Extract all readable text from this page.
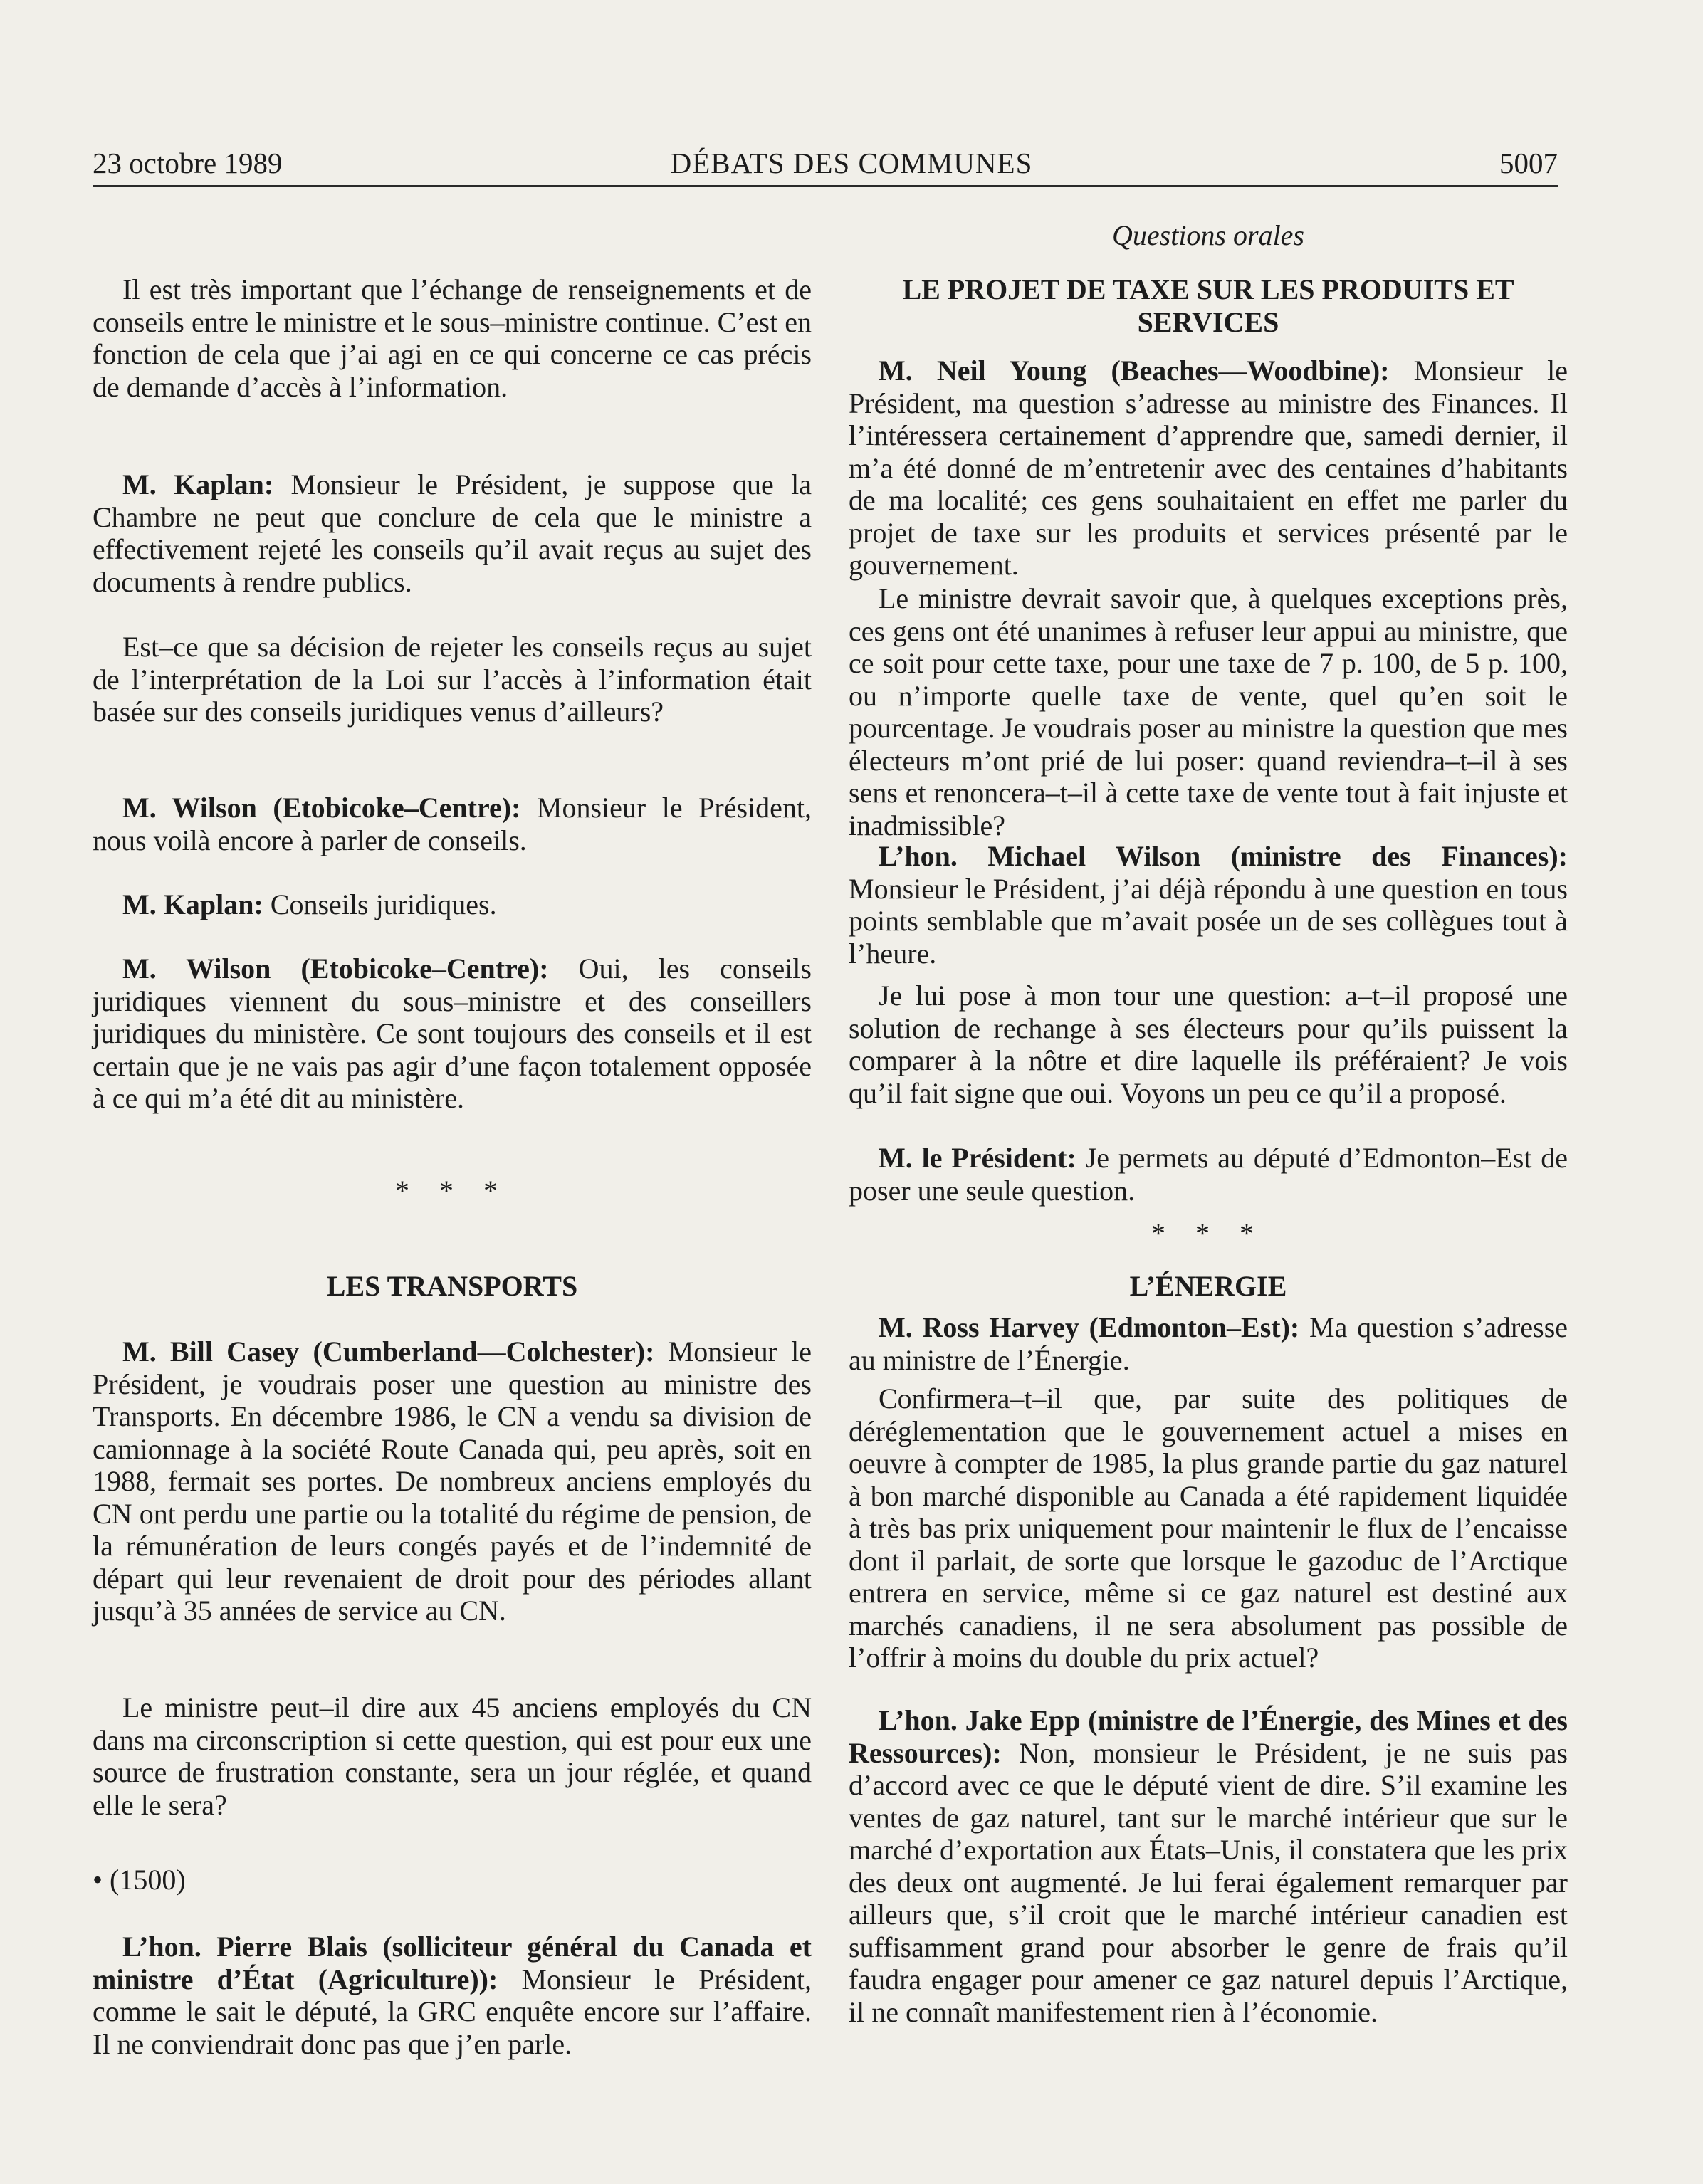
23 octobre 1989	DÉBATS DES COMMUNES	5007

Il est très important que l’échange de renseignements et de conseils entre le ministre et le sous–ministre continue. C’est en fonction de cela que j’ai agi en ce qui concerne ce cas précis de demande d’accès à l’information.

M. Kaplan: Monsieur le Président, je suppose que la Chambre ne peut que conclure de cela que le ministre a effectivement rejeté les conseils qu’il avait reçus au sujet des documents à rendre publics.

Est–ce que sa décision de rejeter les conseils reçus au sujet de l’interprétation de la Loi sur l’accès à l’information était basée sur des conseils juridiques venus d’ailleurs?

M. Wilson (Etobicoke–Centre): Monsieur le Président, nous voilà encore à parler de conseils.

M. Kaplan: Conseils juridiques.

M. Wilson (Etobicoke–Centre): Oui, les conseils juridiques viennent du sous–ministre et des conseillers juridiques du ministère. Ce sont toujours des conseils et il est certain que je ne vais pas agir d’une façon totalement opposée à ce qui m’a été dit au ministère.

* * *
LES TRANSPORTS

M. Bill Casey (Cumberland—Colchester): Monsieur le Président, je voudrais poser une question au ministre des Transports. En décembre 1986, le CN a vendu sa division de camionnage à la société Route Canada qui, peu après, soit en 1988, fermait ses portes. De nombreux anciens employés du CN ont perdu une partie ou la totalité du régime de pension, de la rémunération de leurs congés payés et de l’indemnité de départ qui leur revenaient de droit pour des périodes allant jusqu’à 35 années de service au CN.

Le ministre peut–il dire aux 45 anciens employés du CN dans ma circonscription si cette question, qui est pour eux une source de frustration constante, sera un jour réglée, et quand elle le sera?

• (1500)

L’hon. Pierre Blais (solliciteur général du Canada et ministre d’État (Agriculture)): Monsieur le Président, comme le sait le député, la GRC enquête encore sur l’affaire. Il ne conviendrait donc pas que j’en parle.

Questions orales
LE PROJET DE TAXE SUR LES PRODUITS ET SERVICES

M. Neil Young (Beaches—Woodbine): Monsieur le Président, ma question s’adresse au ministre des Finances. Il l’intéressera certainement d’apprendre que, samedi dernier, il m’a été donné de m’entretenir avec des centaines d’habitants de ma localité; ces gens souhaitaient en effet me parler du projet de taxe sur les produits et services présenté par le gouvernement.

Le ministre devrait savoir que, à quelques exceptions près, ces gens ont été unanimes à refuser leur appui au ministre, que ce soit pour cette taxe, pour une taxe de 7 p. 100, de 5 p. 100, ou n’importe quelle taxe de vente, quel qu’en soit le pourcentage. Je voudrais poser au ministre la question que mes électeurs m’ont prié de lui poser: quand reviendra–t–il à ses sens et renoncera–t–il à cette taxe de vente tout à fait injuste et inadmissible?

L’hon. Michael Wilson (ministre des Finances): Monsieur le Président, j’ai déjà répondu à une question en tous points semblable que m’avait posée un de ses collègues tout à l’heure.

Je lui pose à mon tour une question: a–t–il proposé une solution de rechange à ses électeurs pour qu’ils puissent la comparer à la nôtre et dire laquelle ils préféraient? Je vois qu’il fait signe que oui. Voyons un peu ce qu’il a proposé.

M. le Président: Je permets au député d’Edmonton–Est de poser une seule question.

* * *
L’ÉNERGIE

M. Ross Harvey (Edmonton–Est): Ma question s’adresse au ministre de l’Énergie.

Confirmera–t–il que, par suite des politiques de déréglementation que le gouvernement actuel a mises en oeuvre à compter de 1985, la plus grande partie du gaz naturel à bon marché disponible au Canada a été rapidement liquidée à très bas prix uniquement pour maintenir le flux de l’encaisse dont il parlait, de sorte que lorsque le gazoduc de l’Arctique entrera en service, même si ce gaz naturel est destiné aux marchés canadiens, il ne sera absolument pas possible de l’offrir à moins du double du prix actuel?

L’hon. Jake Epp (ministre de l’Énergie, des Mines et des Ressources): Non, monsieur le Président, je ne suis pas d’accord avec ce que le député vient de dire. S’il examine les ventes de gaz naturel, tant sur le marché intérieur que sur le marché d’exportation aux États–Unis, il constatera que les prix des deux ont augmenté. Je lui ferai également remarquer par ailleurs que, s’il croit que le marché intérieur canadien est suffisamment grand pour absorber le genre de frais qu’il faudra engager pour amener ce gaz naturel depuis l’Arctique, il ne connaît manifestement rien à l’économie.
